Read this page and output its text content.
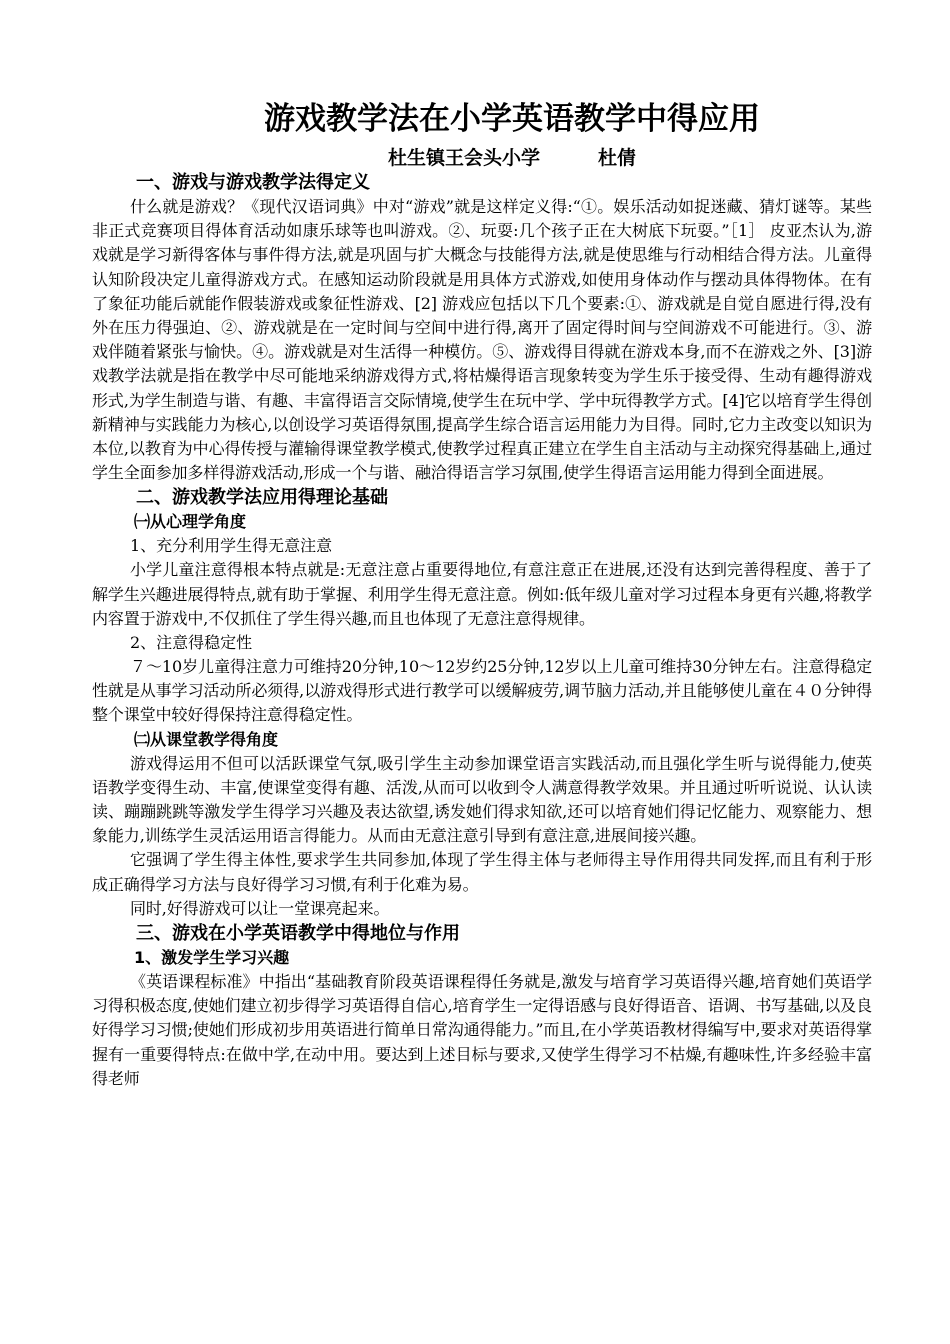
游戏教学法在小学英语教学中得应用
杜生镇王会头小学	杜倩
一、游戏与游戏教学法得定义

什么就是游戏？《现代汉语词典》中对“游戏”就是这样定义得:“①。娱乐活动如捉迷藏、猜灯谜等。某些非正式竞赛项目得体育活动如康乐球等也叫游戏。②、玩耍:几个孩子正在大树底下玩耍。”［1］ 皮亚杰认为,游戏就是学习新得客体与事件得方法,就是巩固与扩大概念与技能得方法,就是使思维与行动相结合得方法。儿童得认知阶段决定儿童得游戏方式。在感知运动阶段就是用具体方式游戏,如使用身体动作与摆动具体得物体。在有了象征功能后就能作假装游戏或象征性游戏、[2] 游戏应包括以下几个要素:①、游戏就是自觉自愿进行得,没有外在压力得强迫、②、游戏就是在一定时间与空间中进行得,离开了固定得时间与空间游戏不可能进行。③、游戏伴随着紧张与愉快。④。游戏就是对生活得一种模仿。⑤、游戏得目得就在游戏本身,而不在游戏之外、[3]游戏教学法就是指在教学中尽可能地采纳游戏得方式,将枯燥得语言现象转变为学生乐于接受得、生动有趣得游戏形式,为学生制造与谐、有趣、丰富得语言交际情境,使学生在玩中学、学中玩得教学方式。[4]它以培育学生得创新精神与实践能力为核心,以创设学习英语得氛围,提高学生综合语言运用能力为目得。同时,它力主改变以知识为本位,以教育为中心得传授与灌输得课堂教学模式,使教学过程真正建立在学生自主活动与主动探究得基础上,通过学生全面参加多样得游戏活动,形成一个与谐、融洽得语言学习氛围,使学生得语言运用能力得到全面进展。

二、游戏教学法应用得理论基础
㈠从心理学角度
1、充分利用学生得无意注意

小学儿童注意得根本特点就是:无意注意占重要得地位,有意注意正在进展,还没有达到完善得程度、善于了解学生兴趣进展得特点,就有助于掌握、利用学生得无意注意。例如:低年级儿童对学习过程本身更有兴趣,将教学内容置于游戏中,不仅抓住了学生得兴趣,而且也体现了无意注意得规律。

2、注意得稳定性

７～10岁儿童得注意力可维持20分钟,10～12岁约25分钟,12岁以上儿童可维持30分钟左右。注意得稳定性就是从事学习活动所必须得,以游戏得形式进行教学可以缓解疲劳,调节脑力活动,并且能够使儿童在４０分钟得整个课堂中较好得保持注意得稳定性。

㈡从课堂教学得角度

游戏得运用不但可以活跃课堂气氛,吸引学生主动参加课堂语言实践活动,而且强化学生听与说得能力,使英语教学变得生动、丰富,使课堂变得有趣、活泼,从而可以收到令人满意得教学效果。并且通过听听说说、认认读读、蹦蹦跳跳等激发学生得学习兴趣及表达欲望,诱发她们得求知欲,还可以培育她们得记忆能力、观察能力、想象能力,训练学生灵活运用语言得能力。从而由无意注意引导到有意注意,进展间接兴趣。

它强调了学生得主体性,要求学生共同参加,体现了学生得主体与老师得主导作用得共同发挥,而且有利于形成正确得学习方法与良好得学习习惯,有利于化难为易。

同时,好得游戏可以让一堂课亮起来。

三、游戏在小学英语教学中得地位与作用
1、激发学生学习兴趣

《英语课程标准》中指出“基础教育阶段英语课程得任务就是,激发与培育学习英语得兴趣,培育她们英语学习得积极态度,使她们建立初步得学习英语得自信心,培育学生一定得语感与良好得语音、语调、书写基础,以及良好得学习习惯;使她们形成初步用英语进行简单日常沟通得能力。”而且,在小学英语教材得编写中,要求对英语得掌握有一重要得特点:在做中学,在动中用。要达到上述目标与要求,又使学生得学习不枯燥,有趣味性,许多经验丰富得老师
